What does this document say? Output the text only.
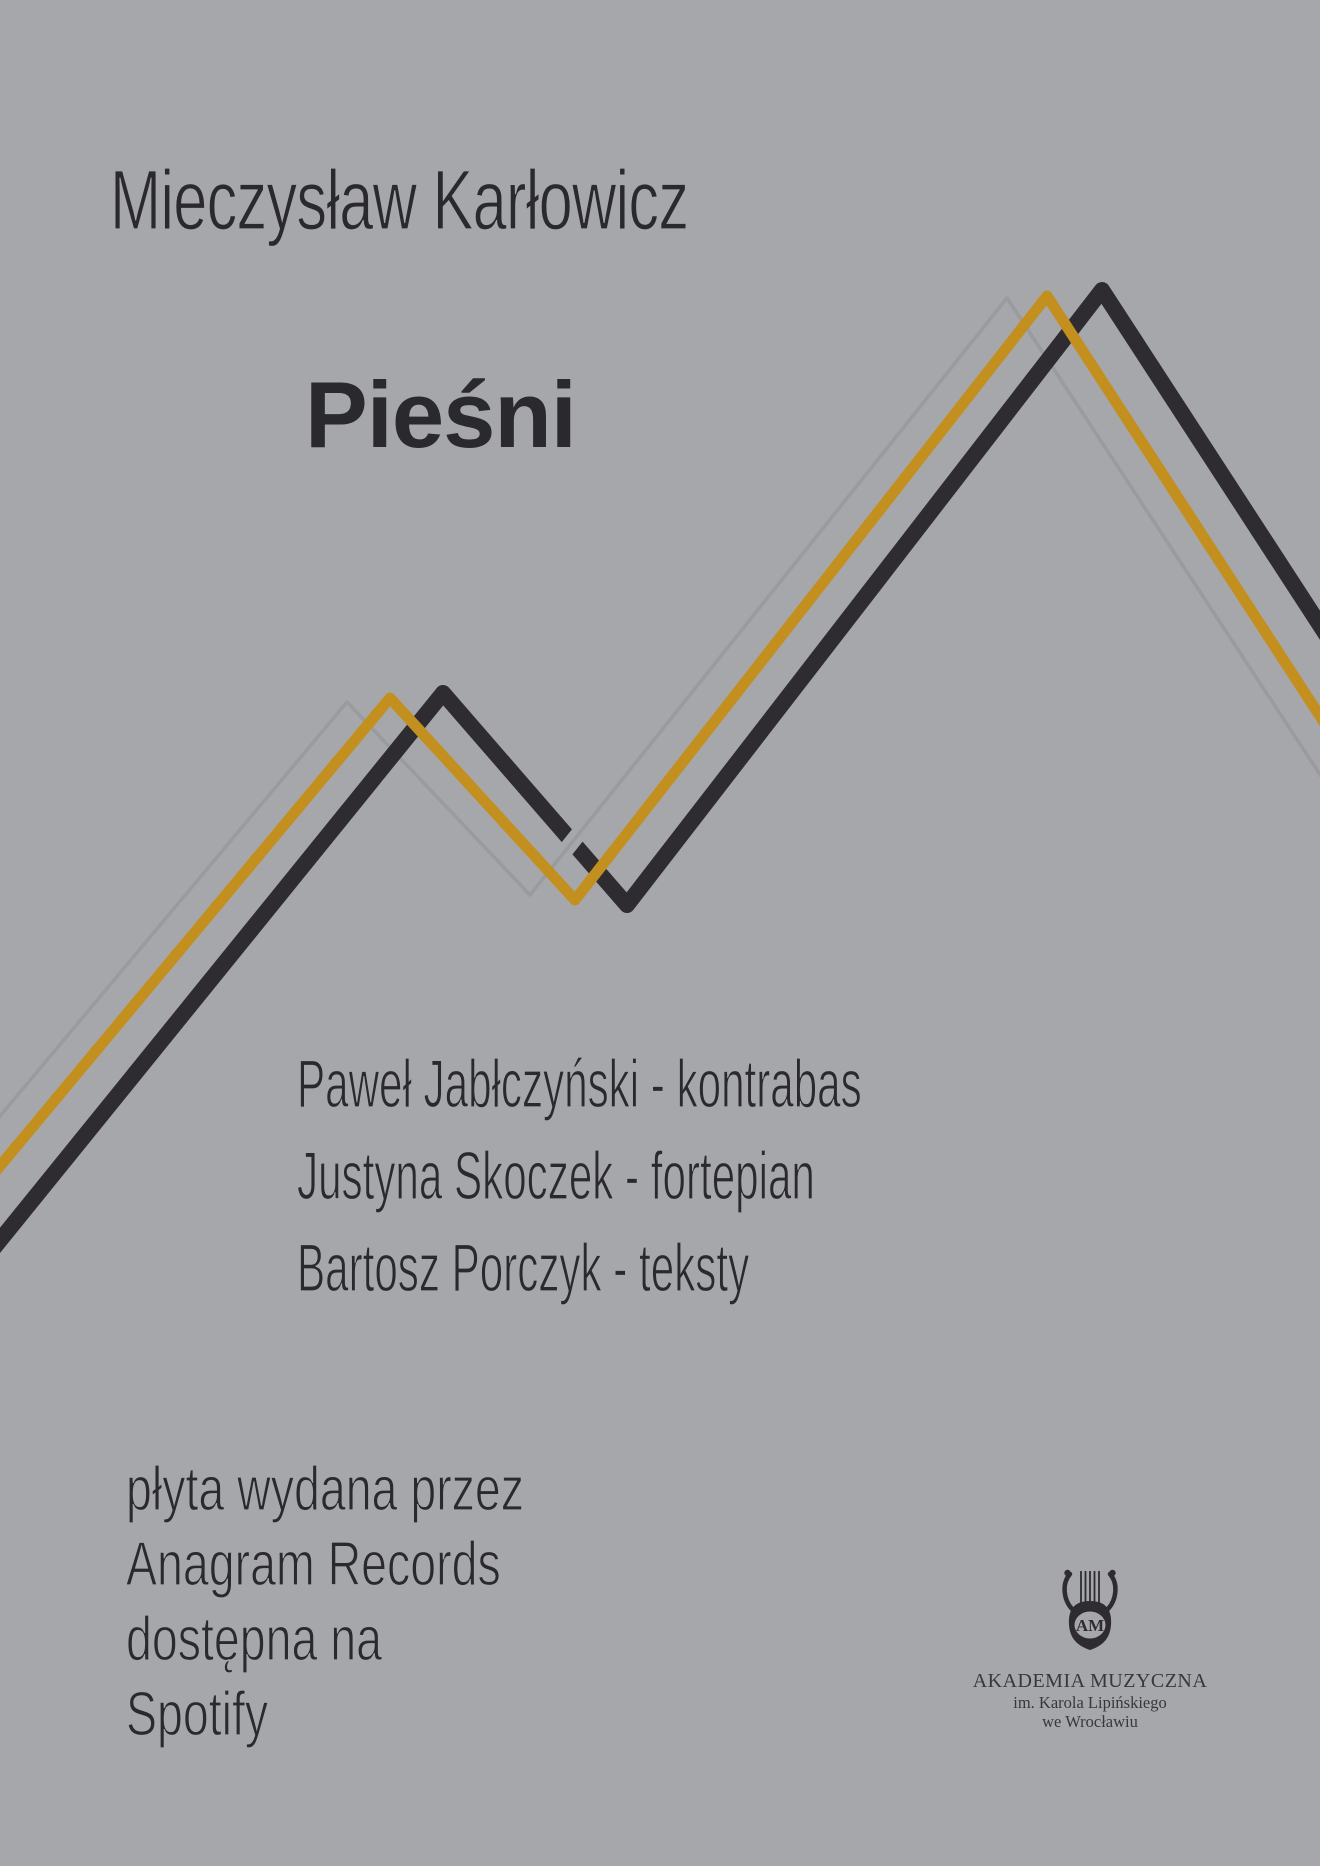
Mieczysław Karłowicz
Pieśni
Paweł Jabłczyński - kontrabas
Justyna Skoczek - fortepian
Bartosz Porczyk - teksty
płyta wydana przez
Anagram Records
dostępna na
Spotify
AM
AKADEMIA MUZYCZNA
im. Karola Lipińskiego
we Wrocławiu
